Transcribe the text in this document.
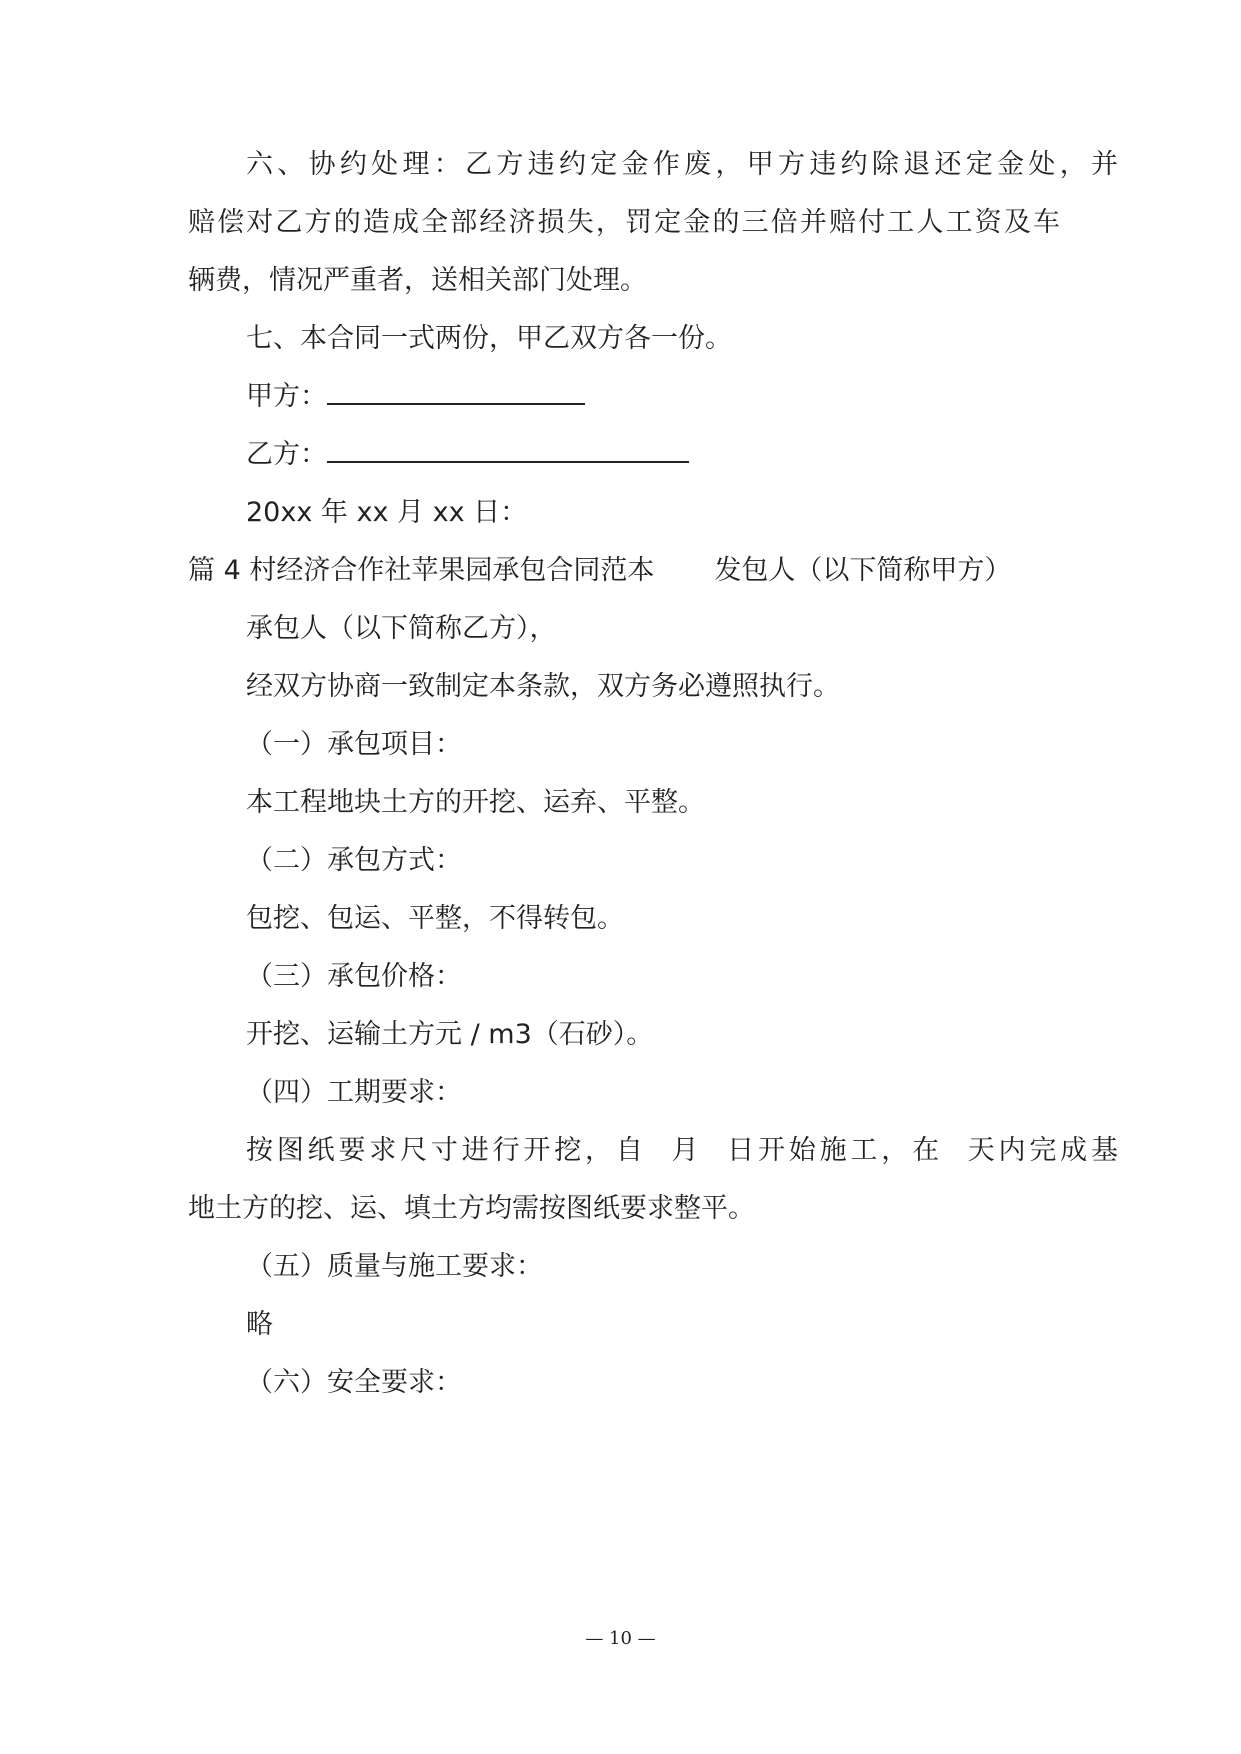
六、协约处理：乙方违约定金作废，甲方违约除退还定金处，并
赔偿对乙方的造成全部经济损失，罚定金的三倍并赔付工人工资及车
辆费，情况严重者，送相关部门处理。
七、本合同一式两份，甲乙双方各一份。
甲方：
乙方：
20xx 年 xx 月 xx 日：
篇 4 村经济合作社苹果园承包合同范本 发包人（以下简称甲方）
承包人（以下简称乙方），
经双方协商一致制定本条款，双方务必遵照执行。
（一）承包项目：
本工程地块土方的开挖、运弃、平整。
（二）承包方式：
包挖、包运、平整，不得转包。
（三）承包价格：
开挖、运输土方元 / m3（石砂）。
（四）工期要求：
按图纸要求尺寸进行开挖，自  月  日开始施工，在  天内完成基
地土方的挖、运、填土方均需按图纸要求整平。
（五）质量与施工要求：
略
（六）安全要求：
— 10 —
